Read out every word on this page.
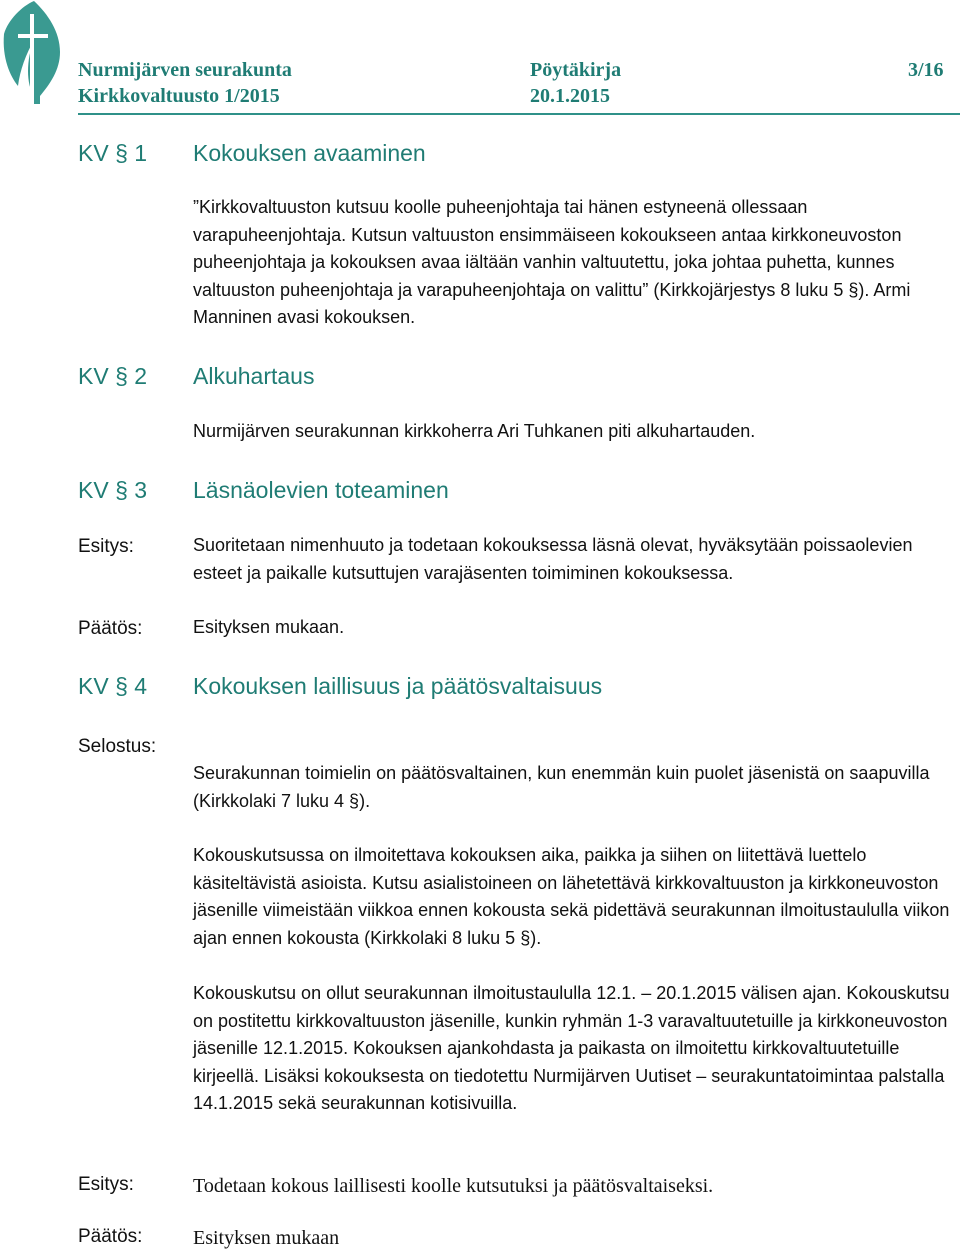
Nurmijärven seurakunta	Pöytäkirja	3/16
Kirkkovaltuusto 1/2015	20.1.2015
KV § 1 Kokouksen avaaminen

”Kirkkovaltuuston kutsuu koolle puheenjohtaja tai hänen estyneenä ollessaan varapuheenjohtaja. Kutsun valtuuston ensimmäiseen kokoukseen antaa kirkkoneuvoston puheenjohtaja ja kokouksen avaa iältään vanhin valtuutettu, joka johtaa puhetta, kunnes valtuuston puheenjohtaja ja varapuheenjohtaja on valittu” (Kirkkojärjestys 8 luku 5 §). Armi Manninen avasi kokouksen.

KV § 2 Alkuhartaus

Nurmijärven seurakunnan kirkkoherra Ari Tuhkanen piti alkuhartauden.

KV § 3 Läsnäolevien toteaminen
Esitys:	Suoritetaan nimenhuuto ja todetaan kokouksessa läsnä olevat, hyväksytään poissaolevien esteet ja paikalle kutsuttujen varajäsenten toimiminen kokouksessa.

Päätös:	Esityksen mukaan.

KV § 4 Kokouksen laillisuus ja päätösvaltaisuus
Selostus:

Seurakunnan toimielin on päätösvaltainen, kun enemmän kuin puolet jäsenistä on saapuvilla (Kirkkolaki 7 luku 4 §).

Kokouskutsussa on ilmoitettava kokouksen aika, paikka ja siihen on liitettävä luettelo käsiteltävistä asioista. Kutsu asialistoineen on lähetettävä kirkkovaltuuston ja kirkkoneuvoston jäsenille viimeistään viikkoa ennen kokousta sekä pidettävä seurakunnan ilmoitustaululla viikon ajan ennen kokousta (Kirkkolaki 8 luku 5 §).

Kokouskutsu on ollut seurakunnan ilmoitustaululla 12.1. – 20.1.2015 välisen ajan. Kokouskutsu on postitettu kirkkovaltuuston jäsenille, kunkin ryhmän 1-3 varavaltuutetuille ja kirkkoneuvoston jäsenille 12.1.2015. Kokouksen ajankohdasta ja paikasta on ilmoitettu kirkkovaltuutetuille kirjeellä. Lisäksi kokouksesta on tiedotettu Nurmijärven Uutiset – seurakuntatoimintaa palstalla 14.1.2015 sekä seurakunnan kotisivuilla.

Esitys:	Todetaan kokous laillisesti koolle kutsutuksi ja päätösvaltaiseksi.
Päätös:	Esityksen mukaan
